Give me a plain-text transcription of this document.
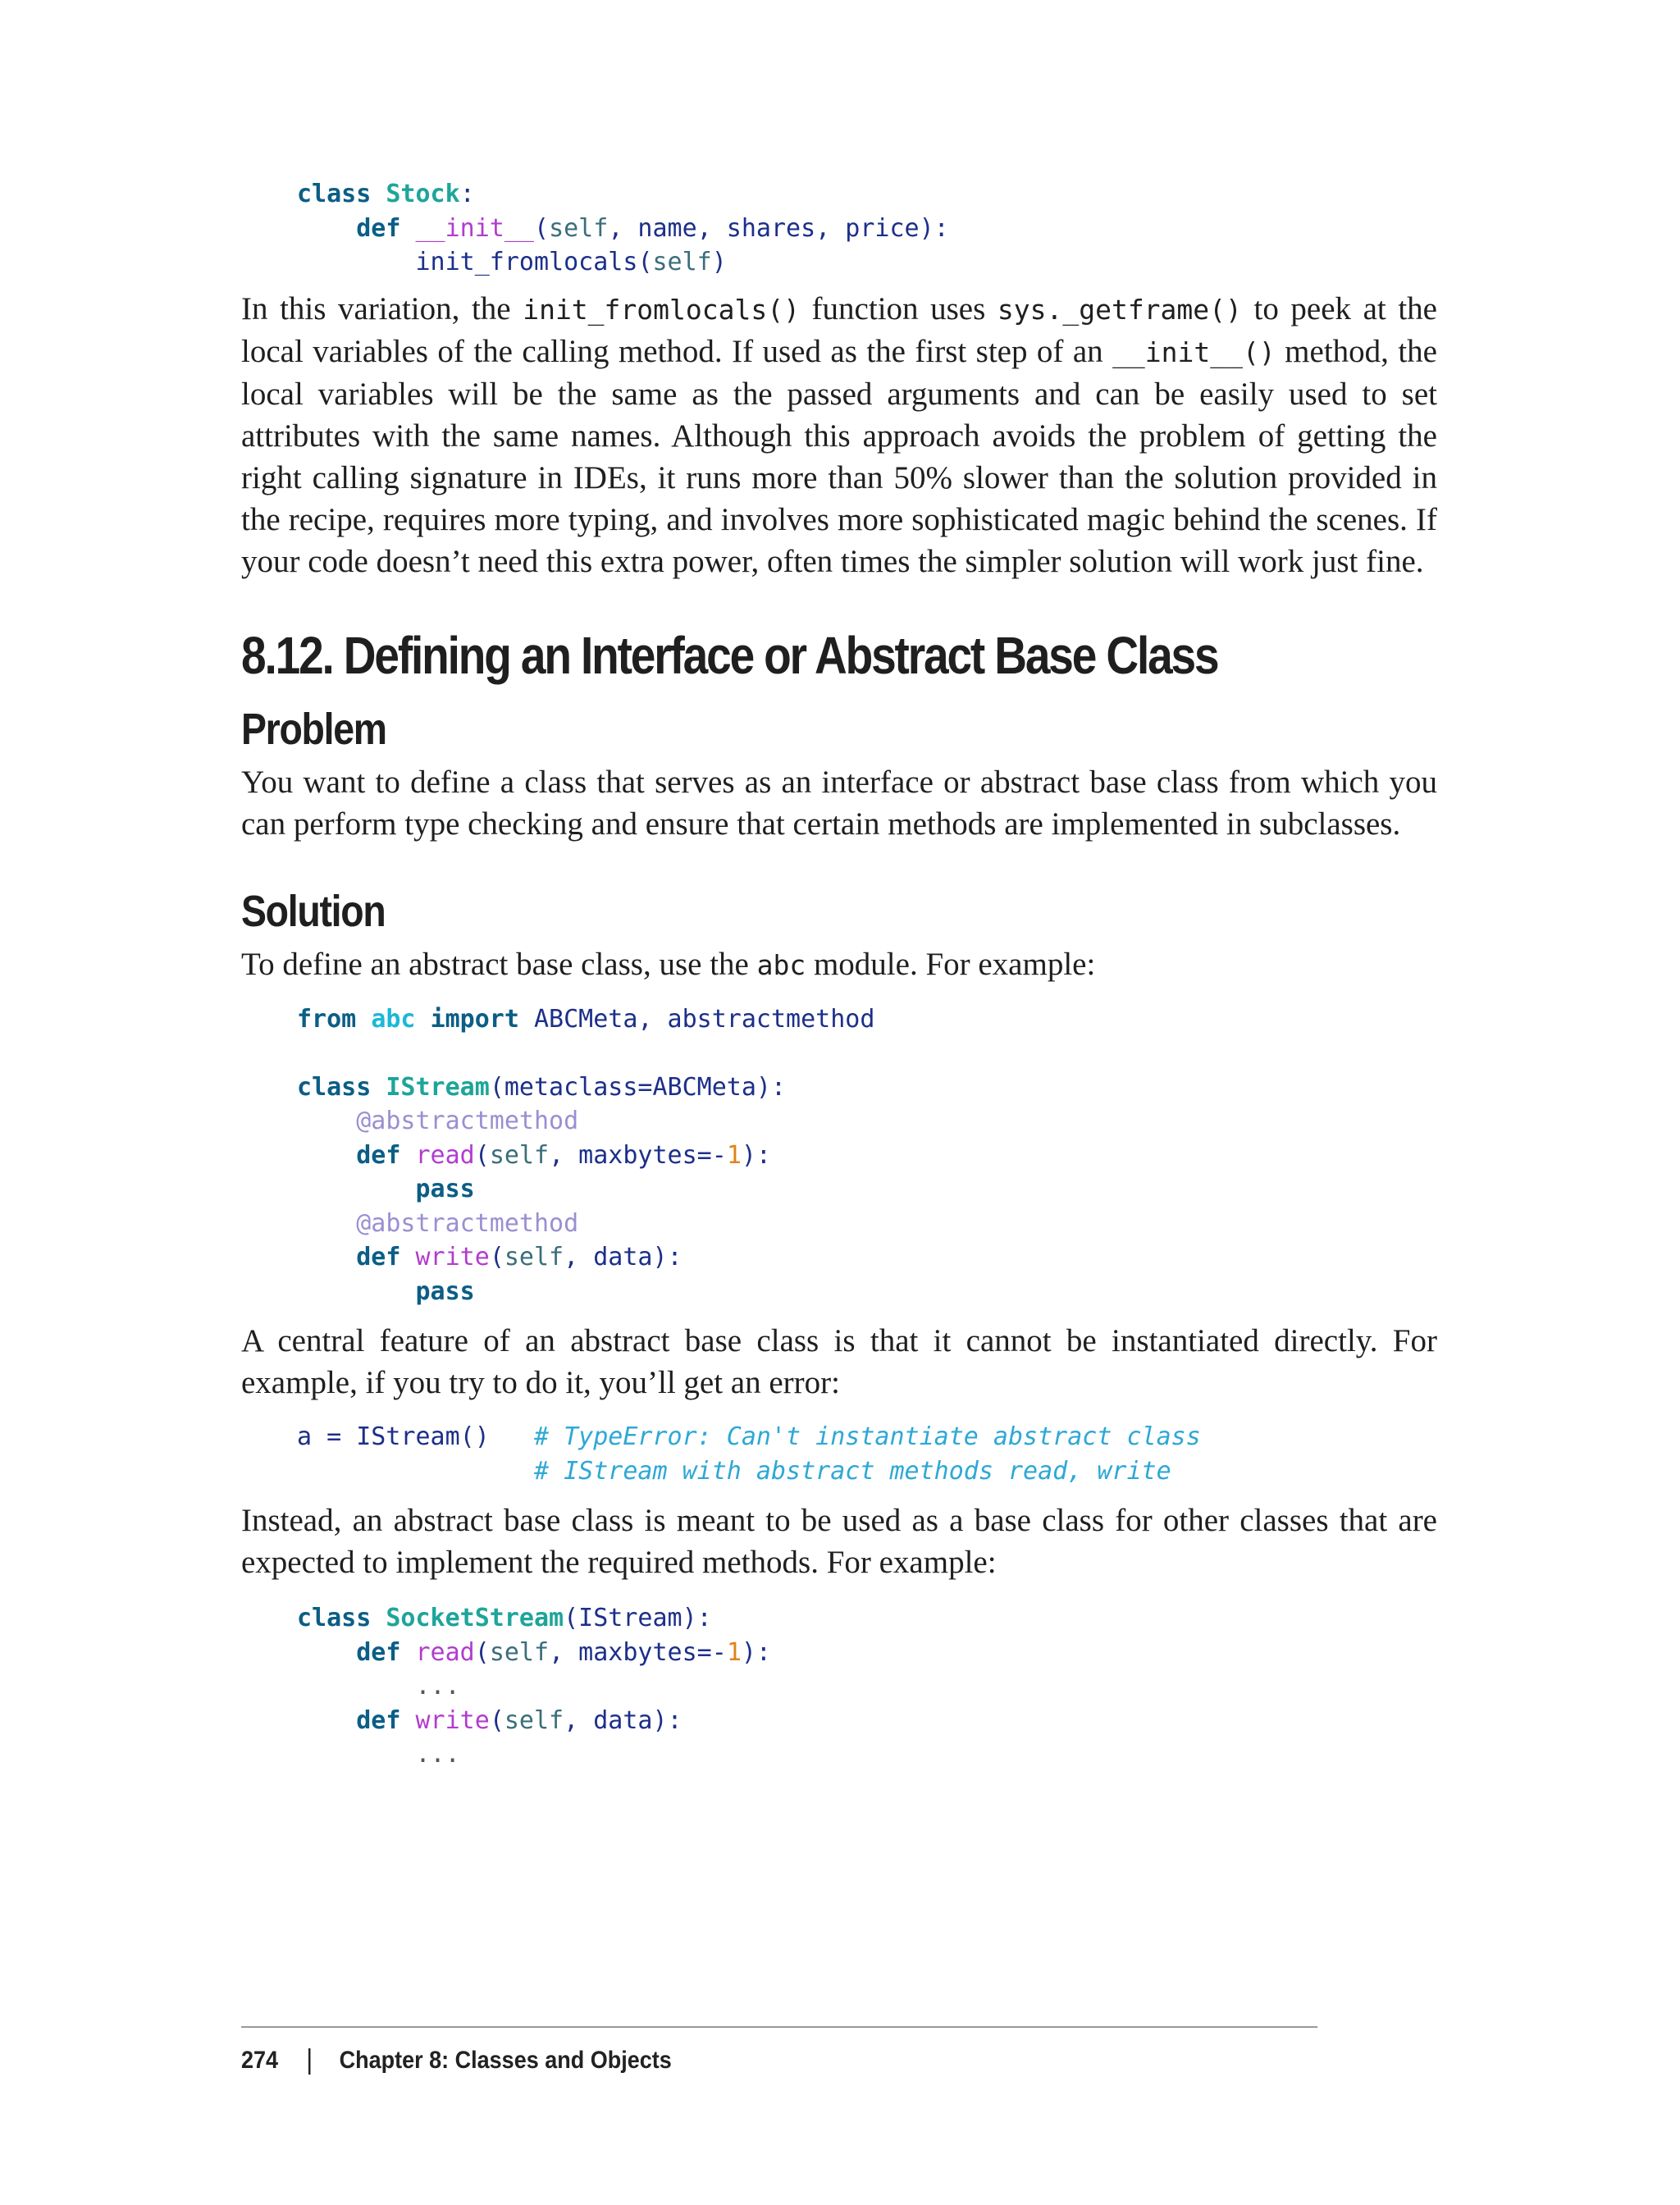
class Stock:
def __init__(self, name, shares, price):
init_fromlocals(self)

In this variation, the init_fromlocals() function uses sys._getframe() to peek at the local variables of the calling method. If used as the first step of an __init__() method, the local variables will be the same as the passed arguments and can be easily used to set attributes with the same names. Although this approach avoids the problem of getting the right calling signature in IDEs, it runs more than 50% slower than the solution provided in the recipe, requires more typing, and involves more sophisticated magic behind the scenes. If your code doesn’t need this extra power, often times the simpler solution will work just fine.

8.12. Defining an Interface or Abstract Base Class
Problem

You want to define a class that serves as an interface or abstract base class from which you can perform type checking and ensure that certain methods are implemented in subclasses.

Solution

To define an abstract base class, use the abc module. For example:

from abc import ABCMeta, abstractmethod

class IStream(metaclass=ABCMeta):
@abstractmethod
def read(self, maxbytes=-1):
pass
@abstractmethod
def write(self, data):
pass

A central feature of an abstract base class is that it cannot be instantiated directly. For example, if you try to do it, you’ll get an error:

a = IStream() # TypeError: Can't instantiate abstract class
# IStream with abstract methods read, write

Instead, an abstract base class is meant to be used as a base class for other classes that are expected to implement the required methods. For example:

class SocketStream(IStream):
def read(self, maxbytes=-1):
...
def write(self, data):
...
274 | Chapter 8: Classes and Objects
